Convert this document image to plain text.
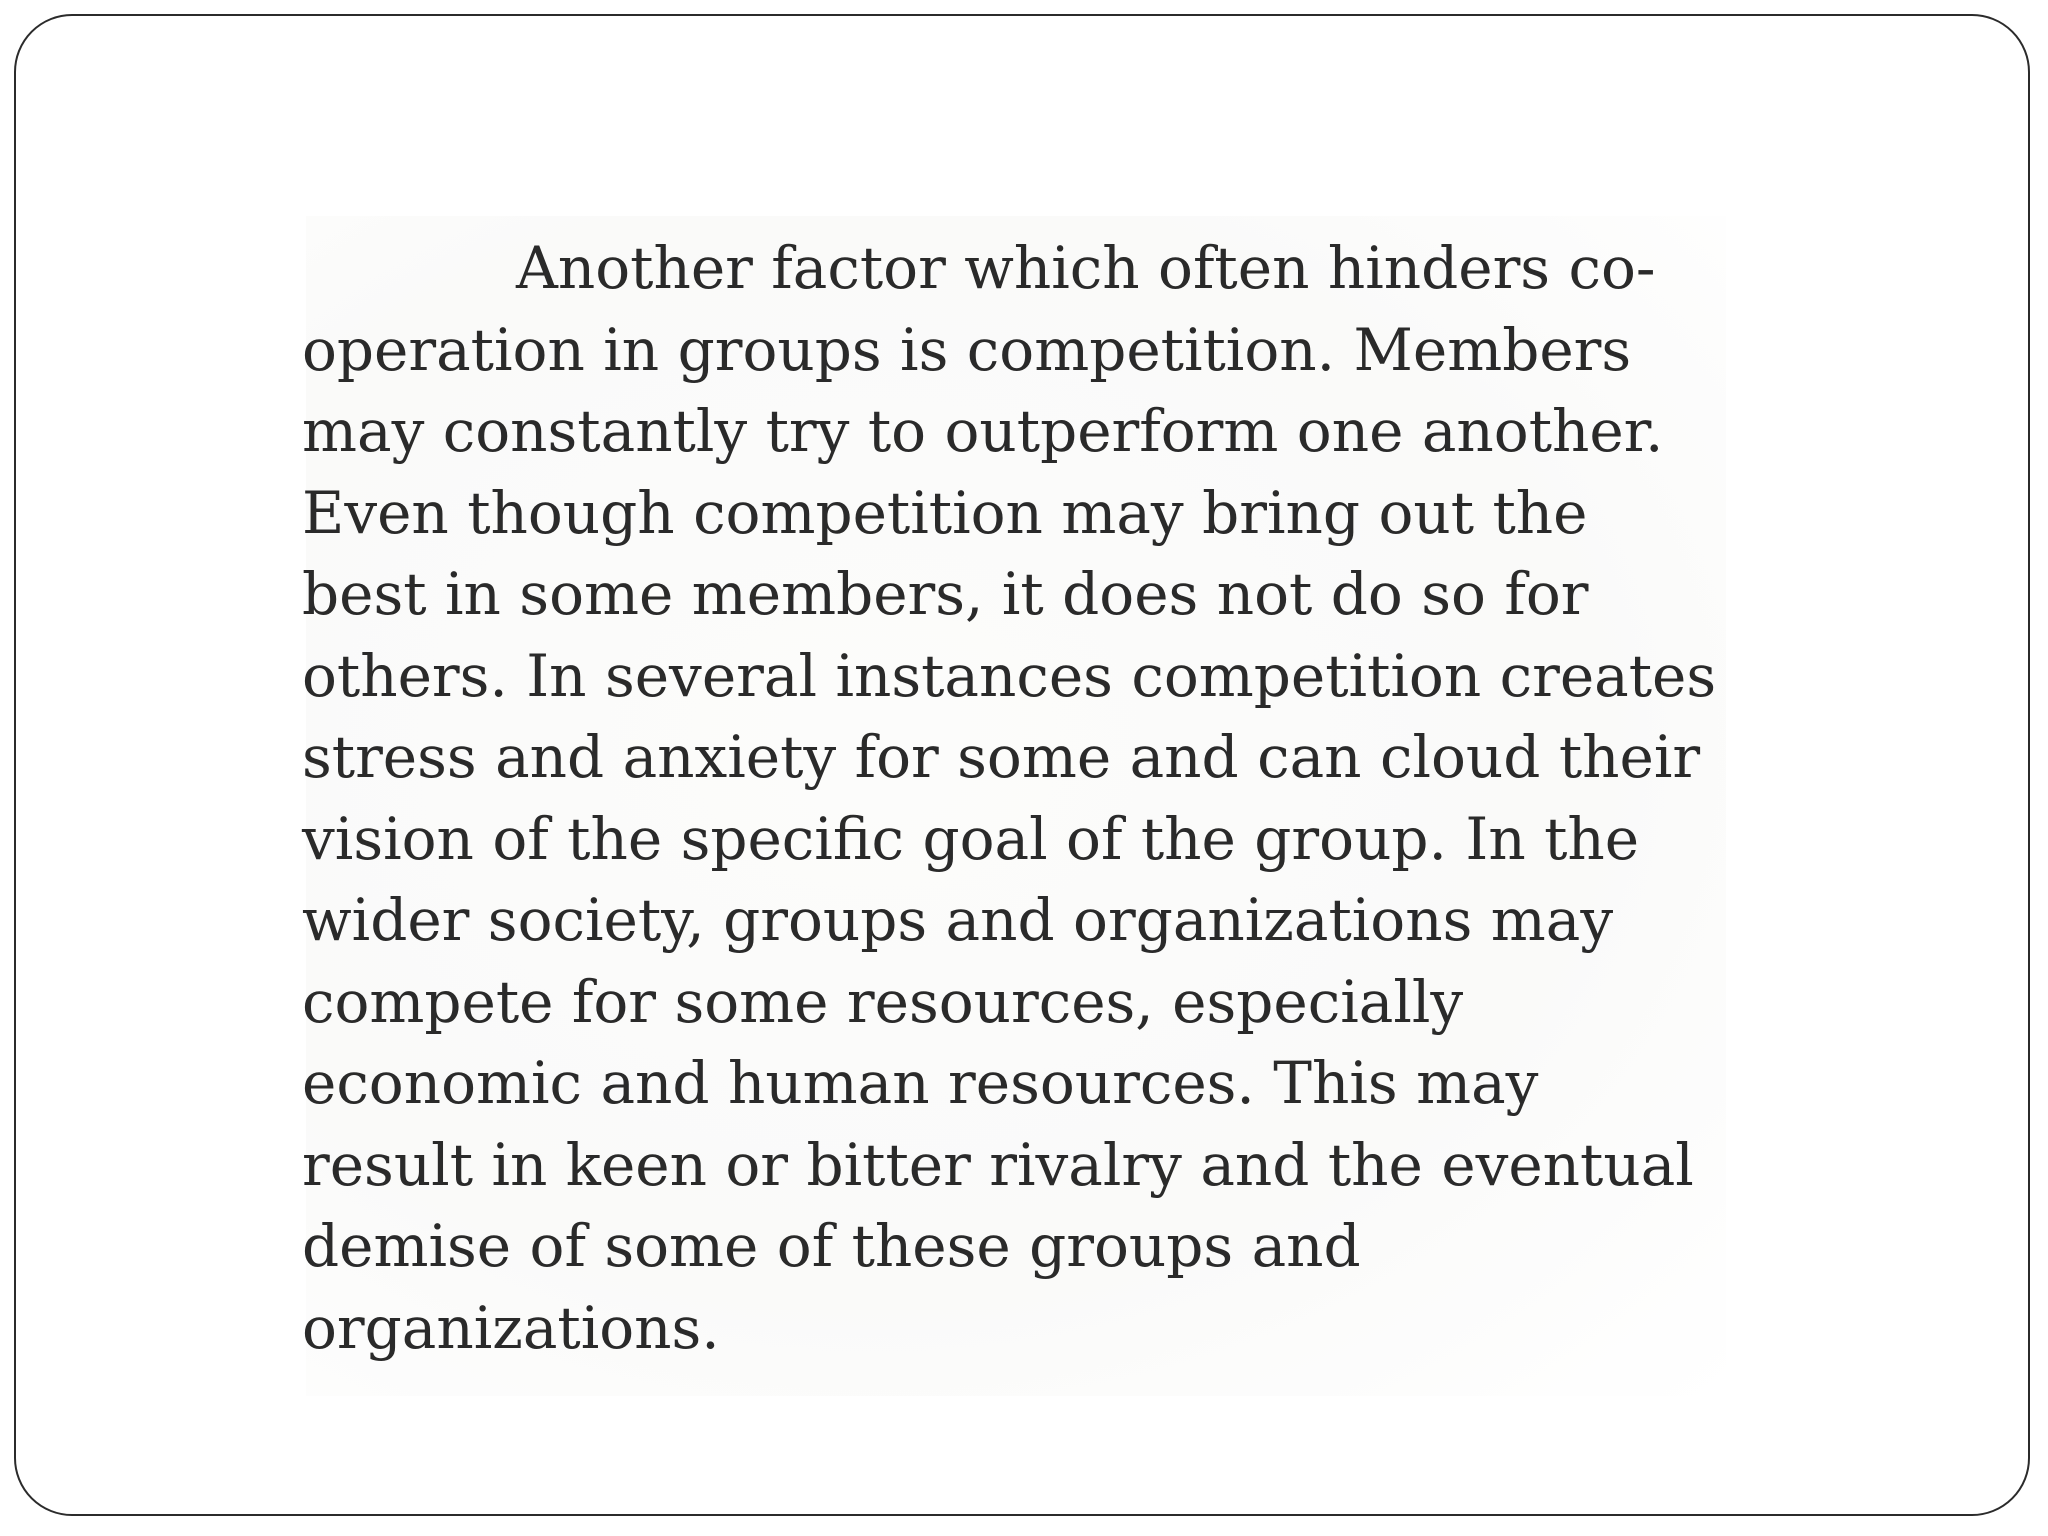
Another factor which often hinders co-
operation in groups is competition. Members
may constantly try to outperform one another.
Even though competition may bring out the
best in some members, it does not do so for
others. In several instances competition creates
stress and anxiety for some and can cloud their
vision of the specific goal of the group. In the
wider society, groups and organizations may
compete for some resources, especially
economic and human resources. This may
result in keen or bitter rivalry and the eventual
demise of some of these groups and
organizations.
